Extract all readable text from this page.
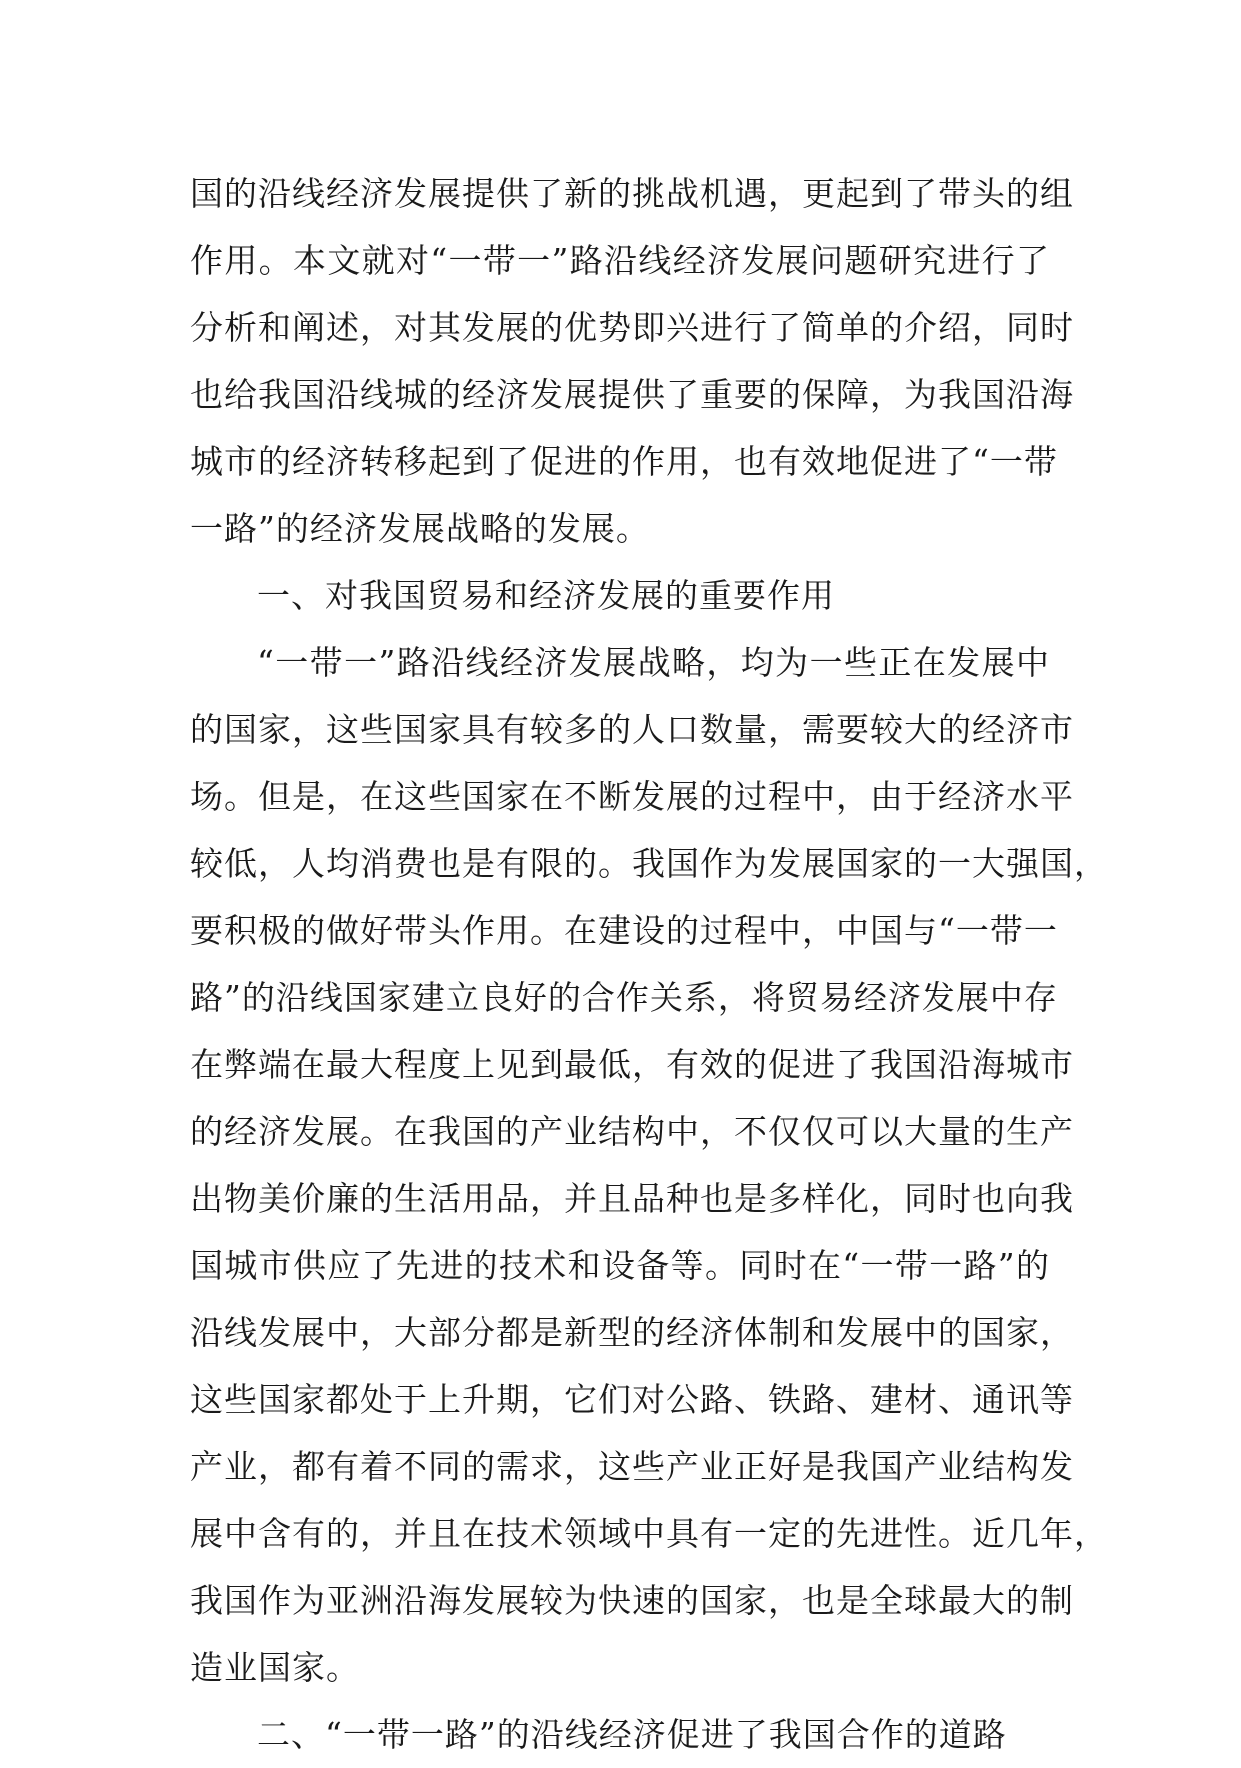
国的沿线经济发展提供了新的挑战机遇，更起到了带头的组
作用。本文就对“一带一”路沿线经济发展问题研究进行了
分析和阐述，对其发展的优势即兴进行了简单的介绍，同时
也给我国沿线城的经济发展提供了重要的保障，为我国沿海
城市的经济转移起到了促进的作用，也有效地促进了“一带
一路”的经济发展战略的发展。
一、对我国贸易和经济发展的重要作用
“一带一”路沿线经济发展战略，均为一些正在发展中
的国家，这些国家具有较多的人口数量，需要较大的经济市
场。但是，在这些国家在不断发展的过程中，由于经济水平
较低，人均消费也是有限的。我国作为发展国家的一大强国，
要积极的做好带头作用。在建设的过程中，中国与“一带一
路”的沿线国家建立良好的合作关系，将贸易经济发展中存
在弊端在最大程度上见到最低，有效的促进了我国沿海城市
的经济发展。在我国的产业结构中，不仅仅可以大量的生产
出物美价廉的生活用品，并且品种也是多样化，同时也向我
国城市供应了先进的技术和设备等。同时在“一带一路”的
沿线发展中，大部分都是新型的经济体制和发展中的国家，
这些国家都处于上升期，它们对公路、铁路、建材、通讯等
产业，都有着不同的需求，这些产业正好是我国产业结构发
展中含有的，并且在技术领域中具有一定的先进性。近几年，
我国作为亚洲沿海发展较为快速的国家，也是全球最大的制
造业国家。
二、“一带一路”的沿线经济促进了我国合作的道路
